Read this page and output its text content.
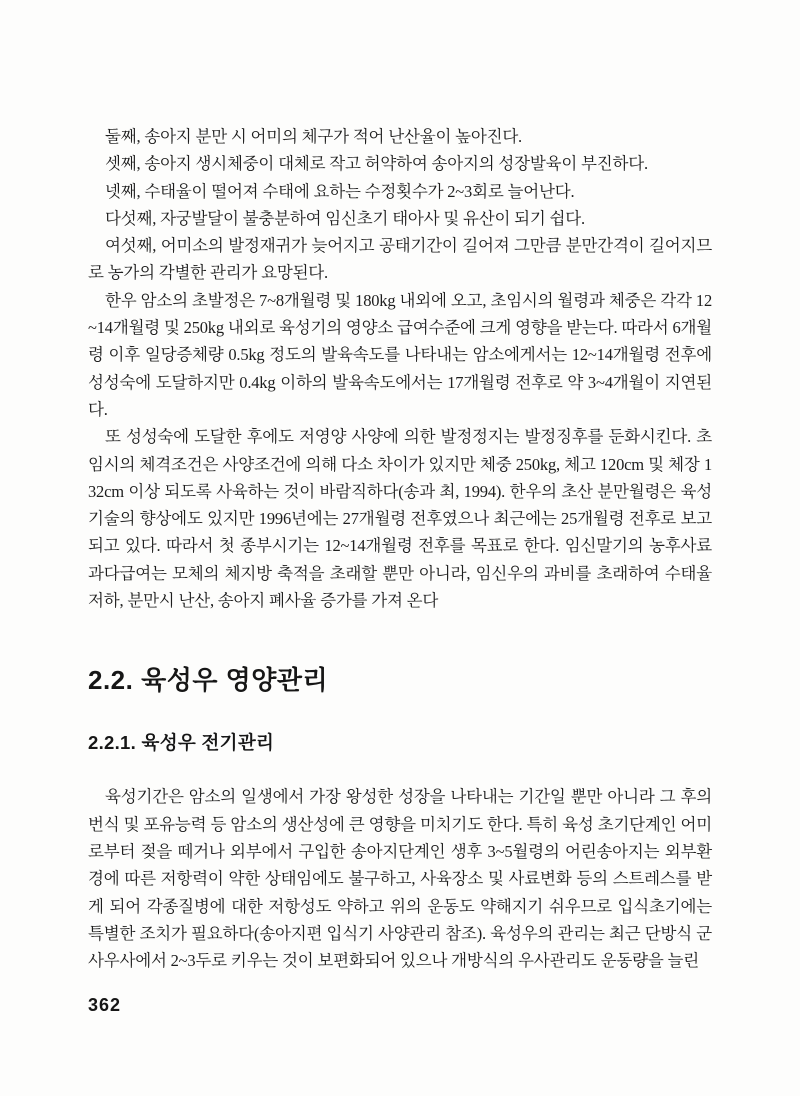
둘째, 송아지 분만 시 어미의 체구가 적어 난산율이 높아진다.

셋째, 송아지 생시체중이 대체로 작고 허약하여 송아지의 성장발육이 부진하다.

넷째, 수태율이 떨어져 수태에 요하는 수정횟수가 2~3회로 늘어난다.

다섯째, 자궁발달이 불충분하여 임신초기 태아사 및 유산이 되기 쉽다.

여섯째, 어미소의 발정재귀가 늦어지고 공태기간이 길어져 그만큼 분만간격이 길어지므로 농가의 각별한 관리가 요망된다.

한우 암소의 초발정은 7~8개월령 및 180kg 내외에 오고, 초임시의 월령과 체중은 각각 12~14개월령 및 250kg 내외로 육성기의 영양소 급여수준에 크게 영향을 받는다. 따라서 6개월령 이후 일당증체량 0.5kg 정도의 발육속도를 나타내는 암소에게서는 12~14개월령 전후에 성성숙에 도달하지만 0.4kg 이하의 발육속도에서는 17개월령 전후로 약 3~4개월이 지연된다.

또 성성숙에 도달한 후에도 저영양 사양에 의한 발정정지는 발정징후를 둔화시킨다. 초임시의 체격조건은 사양조건에 의해 다소 차이가 있지만 체중 250kg, 체고 120cm 및 체장 132cm 이상 되도록 사육하는 것이 바람직하다(송과 최, 1994). 한우의 초산 분만월령은 육성기술의 향상에도 있지만 1996년에는 27개월령 전후였으나 최근에는 25개월령 전후로 보고되고 있다. 따라서 첫 종부시기는 12~14개월령 전후를 목표로 한다. 임신말기의 농후사료 과다급여는 모체의 체지방 축적을 초래할 뿐만 아니라, 임신우의 과비를 초래하여 수태율 저하, 분만시 난산, 송아지 폐사율 증가를 가져 온다

2.2. 육성우 영양관리
2.2.1. 육성우 전기관리

육성기간은 암소의 일생에서 가장 왕성한 성장을 나타내는 기간일 뿐만 아니라 그 후의 번식 및 포유능력 등 암소의 생산성에 큰 영향을 미치기도 한다. 특히 육성 초기단계인 어미로부터 젖을 떼거나 외부에서 구입한 송아지단계인 생후 3~5월령의 어린송아지는 외부환경에 따른 저항력이 약한 상태임에도 불구하고, 사육장소 및 사료변화 등의 스트레스를 받게 되어 각종질병에 대한 저항성도 약하고 위의 운동도 약해지기 쉬우므로 입식초기에는 특별한 조치가 필요하다(송아지편 입식기 사양관리 참조). 육성우의 관리는 최근 단방식 군사우사에서 2~3두로 키우는 것이 보편화되어 있으나 개방식의 우사관리도 운동량을 늘린

362
